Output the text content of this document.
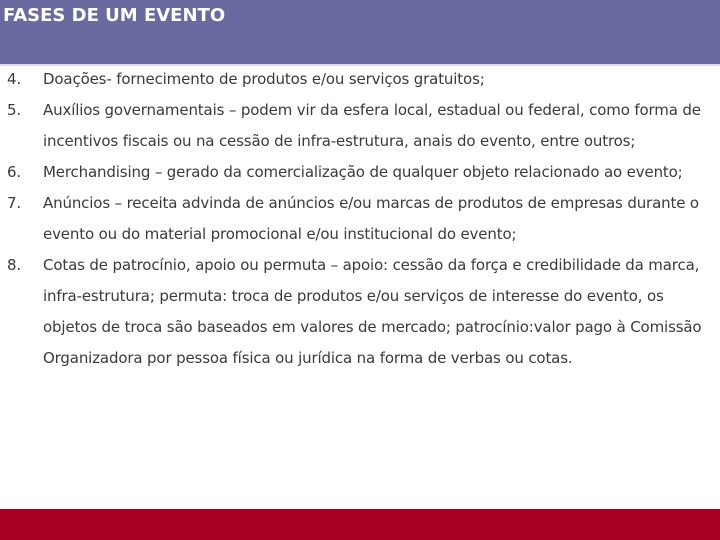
FASES DE UM EVENTO
4. Doações- fornecimento de produtos e/ou serviços gratuitos;
5. Auxílios governamentais – podem vir da esfera local, estadual ou federal, como forma de incentivos fiscais ou na cessão de infra-estrutura, anais do evento, entre outros;
6. Merchandising – gerado da comercialização de qualquer objeto relacionado ao evento;
7. Anúncios – receita advinda de anúncios e/ou marcas de produtos de empresas durante o evento ou do material promocional e/ou institucional do evento;
8. Cotas de patrocínio, apoio ou permuta – apoio: cessão da força e credibilidade da marca, infra-estrutura; permuta: troca de produtos e/ou serviços de interesse do evento, os objetos de troca são baseados em valores de mercado; patrocínio:valor pago à Comissão Organizadora por pessoa física ou jurídica na forma de verbas ou cotas.
